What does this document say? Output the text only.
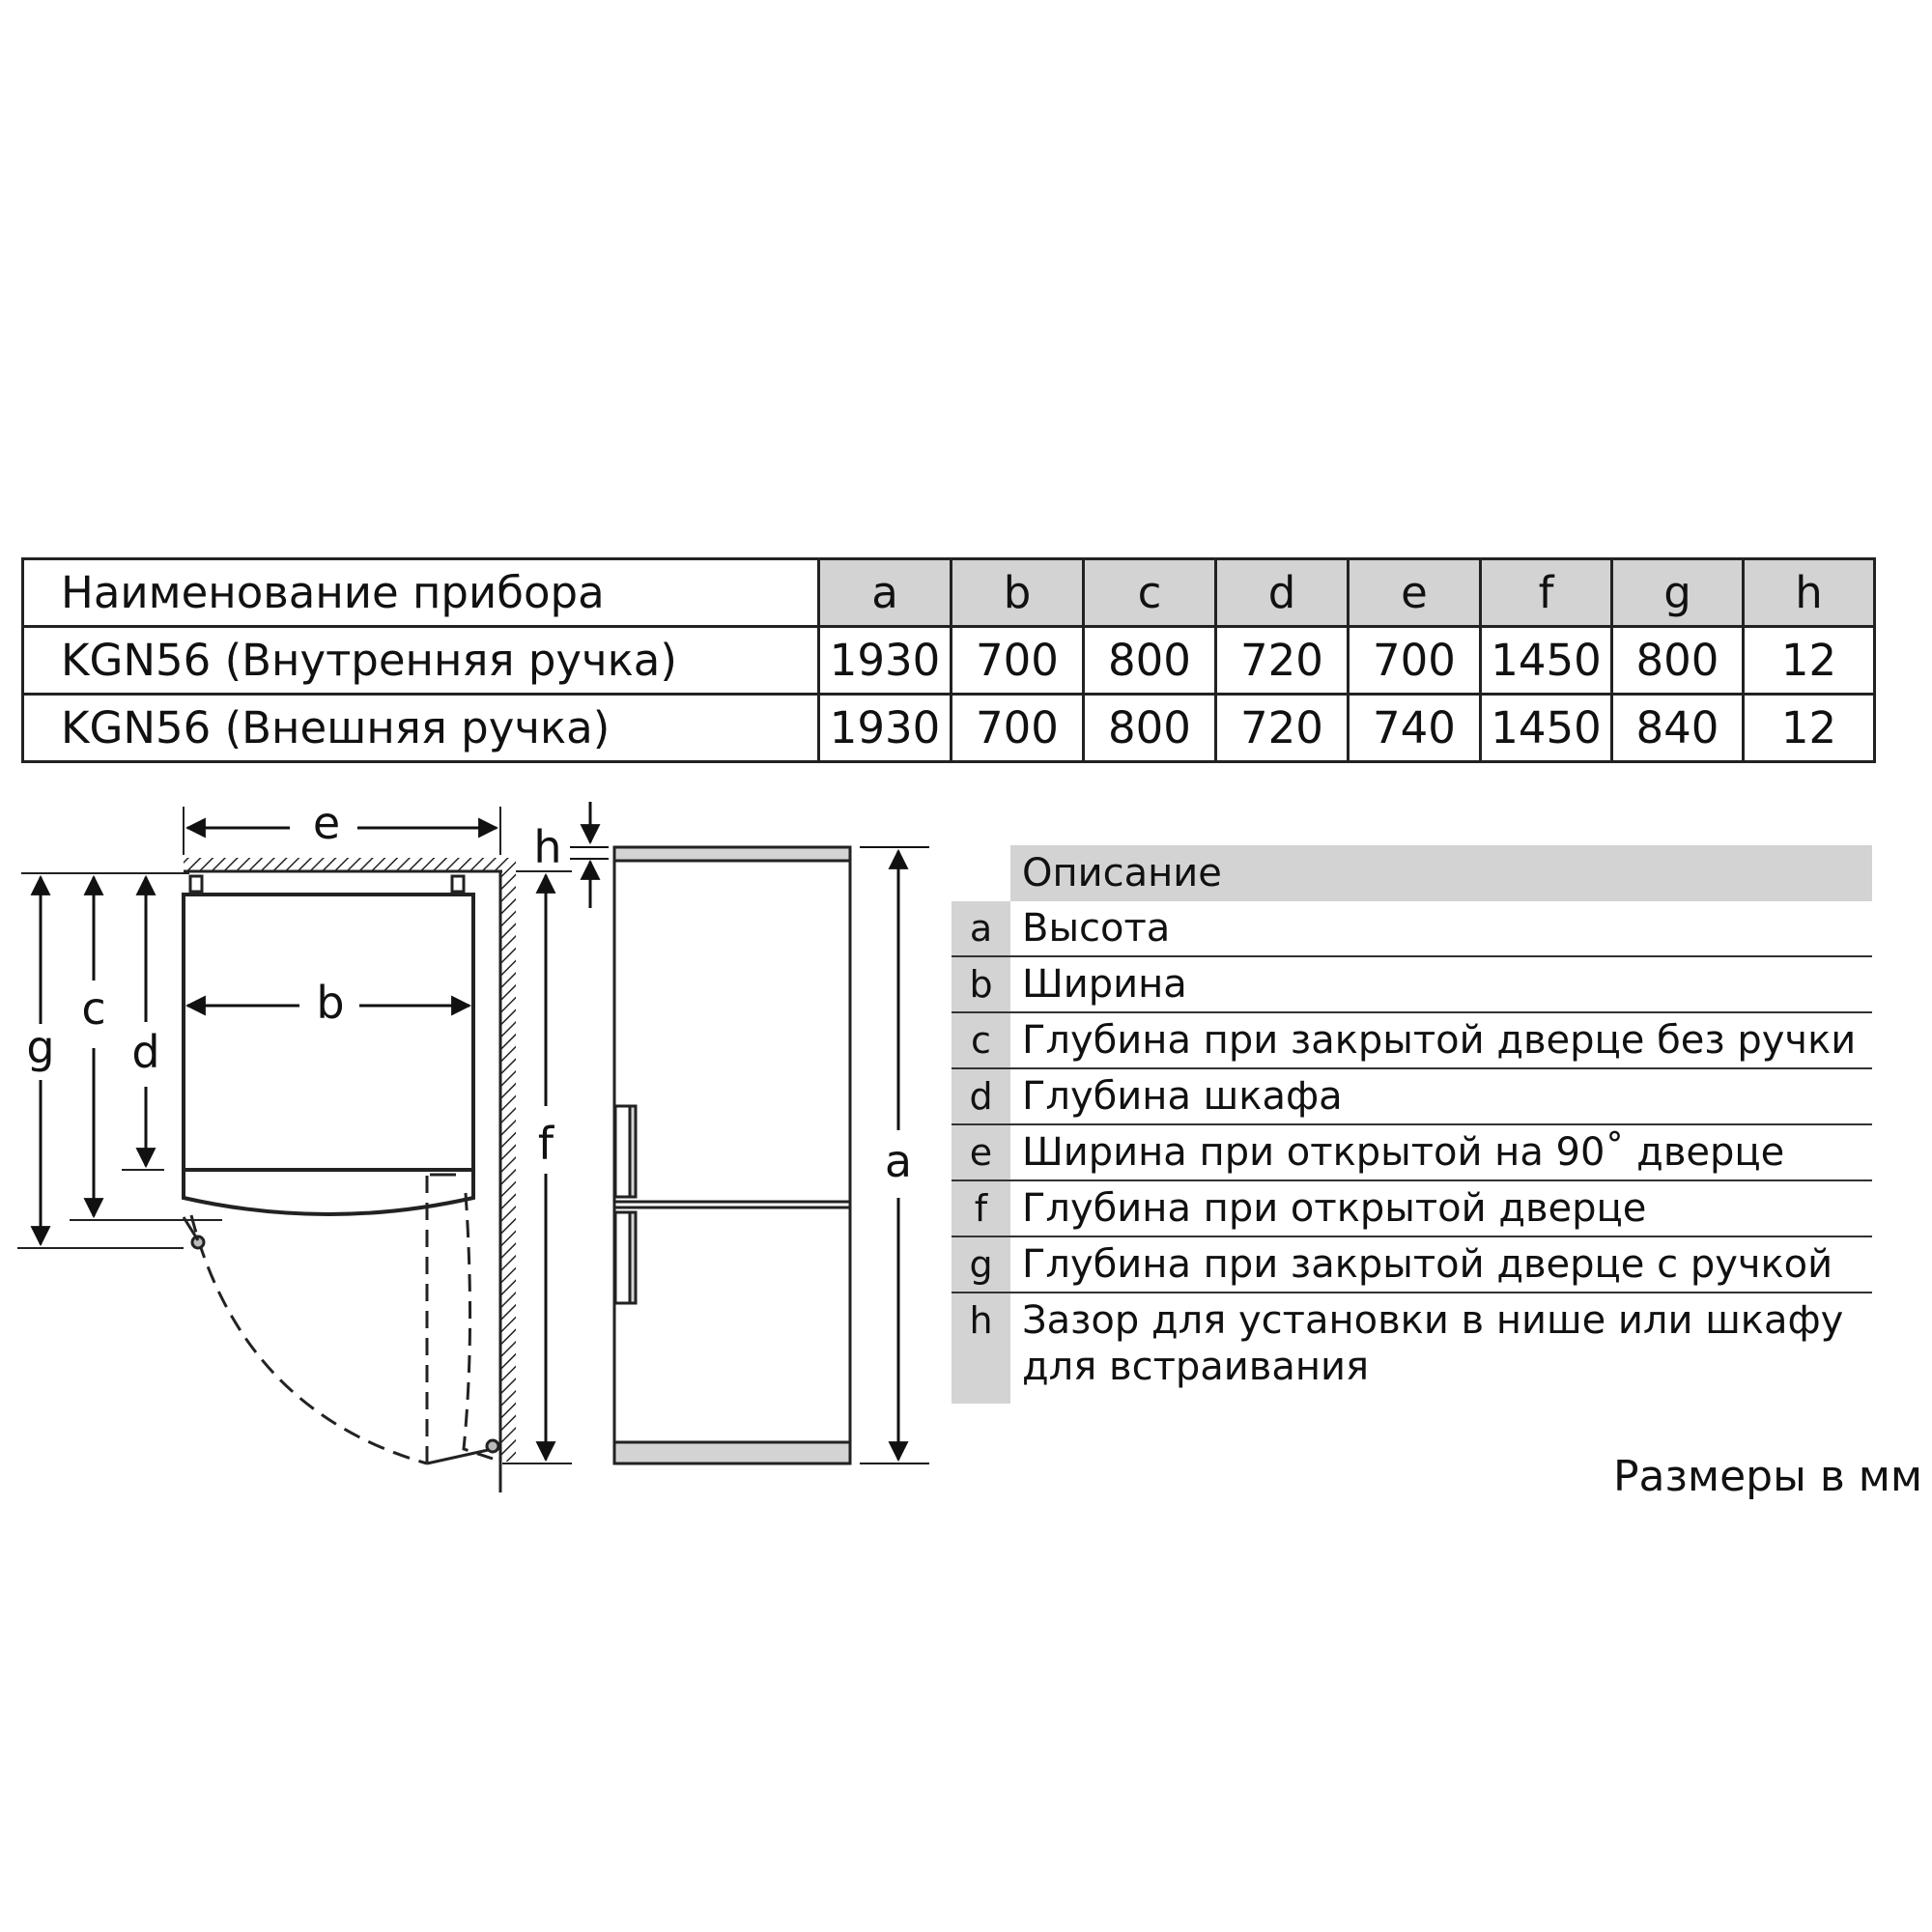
Наименование прибора	a	b	c	d	e	f	g	h
KGN56 (Внутренняя ручка)	1930	700	800	720	700	1450	800	12
KGN56 (Внешняя ручка)	1930	700	800	720	740	1450	840	12
e
b
g
c
d
f
h
a
Описание
a Высота
b Ширина
c Глубина при закрытой дверце без ручки
d Глубина шкафа
e Ширина при открытой на 90˚ дверце
f Глубина при открытой дверце
g Глубина при закрытой дверце с ручкой
h Зазор для установки в нише или шкафу для встраивания
Размеры в мм
